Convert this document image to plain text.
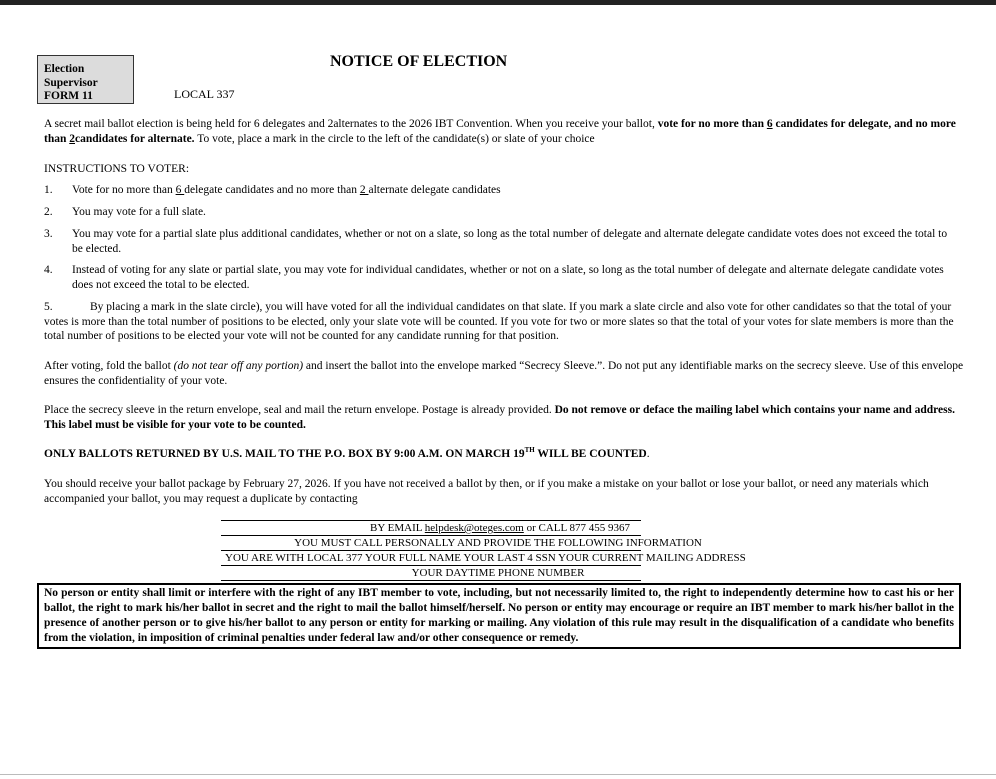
Election
Supervisor
FORM 11
NOTICE OF ELECTION
LOCAL 337
A secret mail ballot election is being held for 6 delegates and 2alternates to the 2026 IBT Convention. When you receive your ballot, vote for no more than 6 candidates for delegate, and no more than 2candidates for alternate. To vote, place a mark in the circle to the left of the candidate(s) or slate of your choice
INSTRUCTIONS TO VOTER:
1. Vote for no more than 6 delegate candidates and no more than 2 alternate delegate candidates
2. You may vote for a full slate.
3. You may vote for a partial slate plus additional candidates, whether or not on a slate, so long as the total number of delegate and alternate delegate candidate votes does not exceed the total to be elected.
4. Instead of voting for any slate or partial slate, you may vote for individual candidates, whether or not on a slate, so long as the total number of delegate and alternate delegate candidate votes does not exceed the total to be elected.
5.	By placing a mark in the slate circle), you will have voted for all the individual candidates on that slate. If you mark a slate circle and also vote for other candidates so that the total of your votes is more than the total number of positions to be elected, only your slate vote will be counted. If you vote for two or more slates so that the total of your votes for slate members is more than the total number of positions to be elected your vote will not be counted for any candidate running for that position.
After voting, fold the ballot (do not tear off any portion) and insert the ballot into the envelope marked “Secrecy Sleeve.”. Do not put any identifiable marks on the secrecy sleeve. Use of this envelope ensures the confidentiality of your vote.
Place the secrecy sleeve in the return envelope, seal and mail the return envelope. Postage is already provided. Do not remove or deface the mailing label which contains your name and address. This label must be visible for your vote to be counted.
ONLY BALLOTS RETURNED BY U.S. MAIL TO THE P.O. BOX BY 9:00 A.M. ON MARCH 19TH WILL BE COUNTED.
You should receive your ballot package by February 27, 2026. If you have not received a ballot by then, or if you make a mistake on your ballot or lose your ballot, or need any materials which accompanied your ballot, you may request a duplicate by contacting
BY EMAIL helpdesk@oteges.com or CALL 877 455 9367
YOU MUST CALL PERSONALLY AND PROVIDE THE FOLLOWING INFORMATION
YOU ARE WITH LOCAL 377 YOUR FULL NAME YOUR LAST 4 SSN YOUR CURRENT MAILING ADDRESS
YOUR DAYTIME PHONE NUMBER
No person or entity shall limit or interfere with the right of any IBT member to vote, including, but not necessarily limited to, the right to independently determine how to cast his or her ballot, the right to mark his/her ballot in secret and the right to mail the ballot himself/herself. No person or entity may encourage or require an IBT member to mark his/her ballot in the presence of another person or to give his/her ballot to any person or entity for marking or mailing. Any violation of this rule may result in the disqualification of a candidate who benefits from the violation, in imposition of criminal penalties under federal law and/or other consequence or remedy.
